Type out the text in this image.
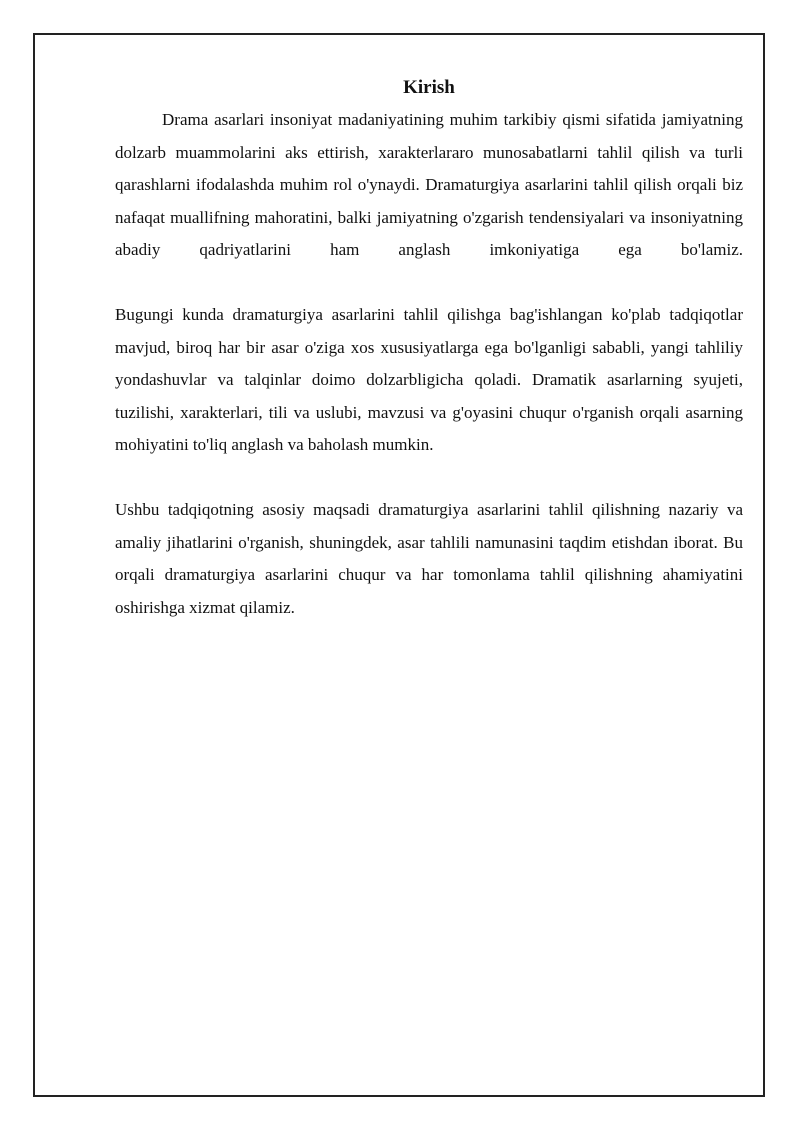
Kirish

Drama asarlari insoniyat madaniyatining muhim tarkibiy qismi sifatida jamiyatning dolzarb muammolarini aks ettirish, xarakterlararo munosabatlarni tahlil qilish va turli qarashlarni ifodalashda muhim rol o'ynaydi. Dramaturgiya asarlarini tahlil qilish orqali biz nafaqat muallifning mahoratini, balki jamiyatning o'zgarish tendensiyalari va insoniyatning abadiy qadriyatlarini ham anglash imkoniyatiga ega bo'lamiz.

Bugungi kunda dramaturgiya asarlarini tahlil qilishga bag'ishlangan ko'plab tadqiqotlar mavjud, biroq har bir asar o'ziga xos xususiyatlarga ega bo'lganligi sababli, yangi tahliliy yondashuvlar va talqinlar doimo dolzarbligicha qoladi. Dramatik asarlarning syujeti, tuzilishi, xarakterlari, tili va uslubi, mavzusi va g'oyasini chuqur o'rganish orqali asarning mohiyatini to'liq anglash va baholash mumkin.

Ushbu tadqiqotning asosiy maqsadi dramaturgiya asarlarini tahlil qilishning nazariy va amaliy jihatlarini o'rganish, shuningdek, asar tahlili namunasini taqdim etishdan iborat. Bu orqali dramaturgiya asarlarini chuqur va har tomonlama tahlil qilishning ahamiyatini oshirishga xizmat qilamiz.
